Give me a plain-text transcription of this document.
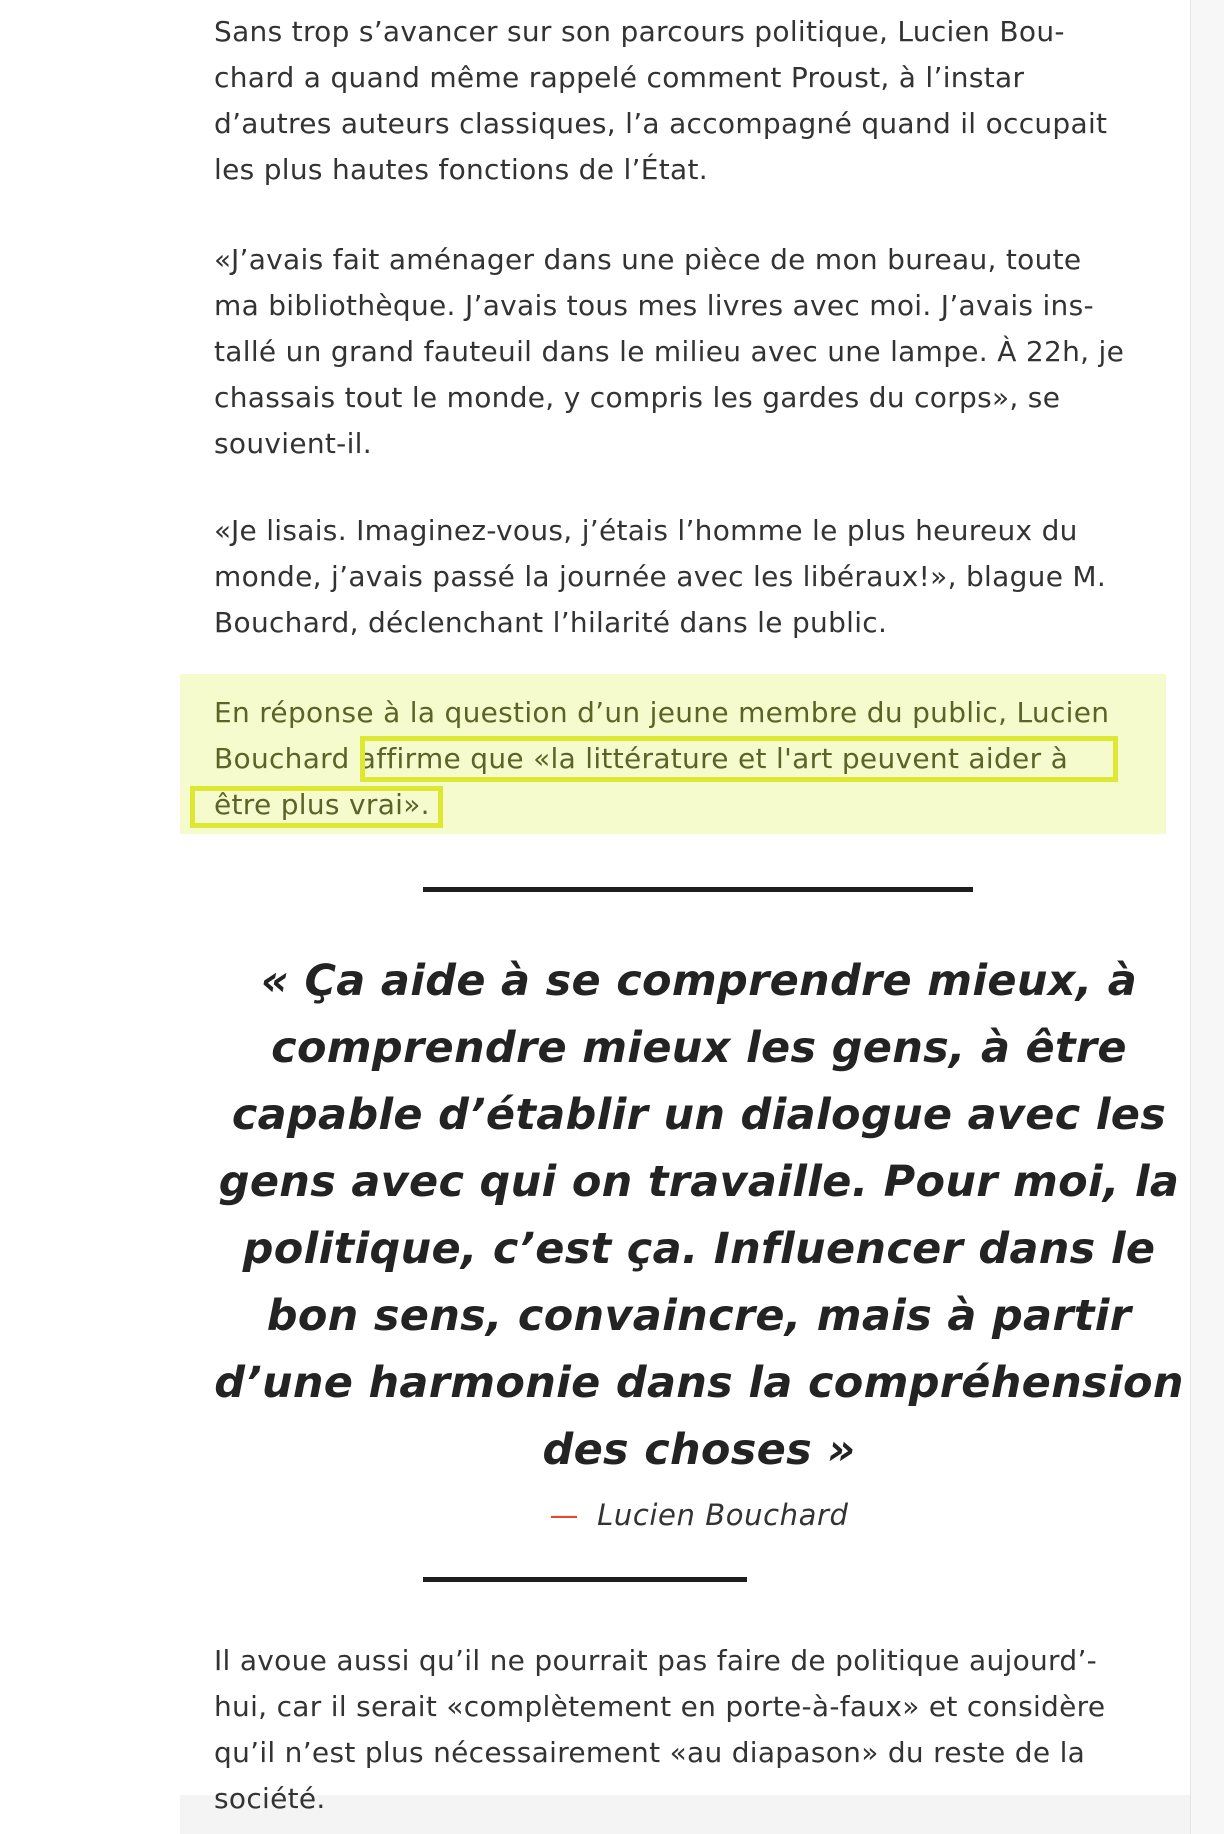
Sans trop s’avancer sur son parcours politique, Lucien Bou-
chard a quand même rappelé comment Proust, à l’instar
d’autres auteurs classiques, l’a accompagné quand il occupait
les plus hautes fonctions de l’État.

«J’avais fait aménager dans une pièce de mon bureau, toute
ma bibliothèque. J’avais tous mes livres avec moi. J’avais ins-
tallé un grand fauteuil dans le milieu avec une lampe. À 22h, je
chassais tout le monde, y compris les gardes du corps», se
souvient-il.

«Je lisais. Imaginez-vous, j’étais l’homme le plus heureux du
monde, j’avais passé la journée avec les libéraux!», blague M.
Bouchard, déclenchant l’hilarité dans le public.

Il avoue aussi qu’il ne pourrait pas faire de politique aujourd’-
hui, car il serait «complètement en porte-à-faux» et considère
qu’il n’est plus nécessairement «au diapason» du reste de la
société.

En réponse à la question d’un jeune membre du public, Lucien
Bouchard affirme que «la littérature et l'art peuvent aider à
être plus vrai».

« Ça aide à se comprendre mieux, à
comprendre mieux les gens, à être
capable d’établir un dialogue avec les
gens avec qui on travaille. Pour moi, la
politique, c’est ça. Influencer dans le
bon sens, convaincre, mais à partir
d’une harmonie dans la compréhension
des choses »

— Lucien Bouchard
